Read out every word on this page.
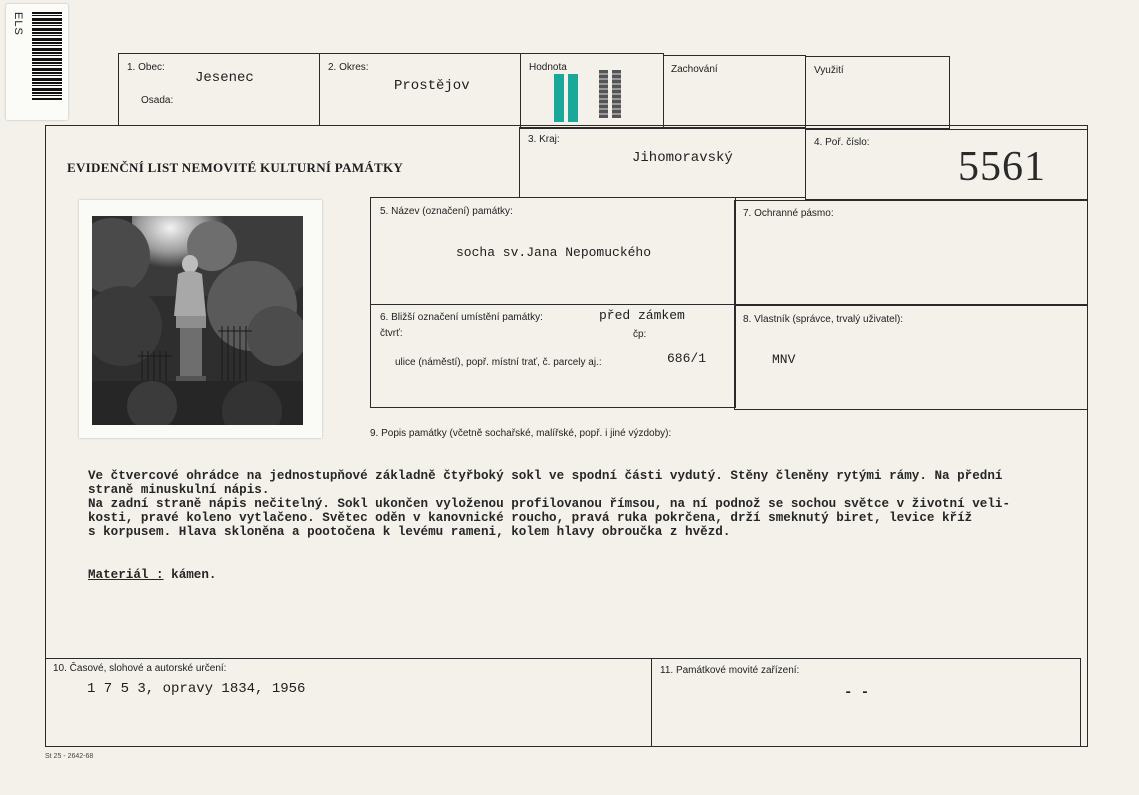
ELS
1. Obec:
Jesenec
Osada:
2. Okres:
Prostějov
Hodnota	Zachování	Využití
EVIDENČNÍ LIST NEMOVITÉ KULTURNÍ PAMÁTKY
3. Kraj:
Jihomoravský
4. Poř. číslo:
5561
5. Název (označení) památky:
socha sv.Jana Nepomuckého
7. Ochranné pásmo:
6. Bližší označení umístění památky:	před zámkem
čtvrť:	čp:
ulice (náměstí), popř. místní trať, č. parcely aj.:	686/1
8. Vlastník (správce, trvalý uživatel):
MNV
9. Popis památky (včetně sochařské, malířské, popř. i jiné výzdoby):
Ve čtvercové ohrádce na jednostupňové základně čtyřboký sokl ve spodní části vydutý. Stěny členěny rytými rámy. Na přední
straně minuskulní nápis.
Na zadní straně nápis nečitelný. Sokl ukončen vyloženou profilovanou římsou, na ní podnož se sochou světce v životní veli-
kosti, pravé koleno vytlačeno. Světec oděn v kanovnické roucho, pravá ruka pokrčena, drží smeknutý biret, levice kříž
s korpusem. Hlava skloněna a pootočena k levému rameni, kolem hlavy obroučka z hvězd.
Materiál : kámen.
10. Časové, slohové a autorské určení:
1 7 5 3, opravy 1834, 1956
11. Památkové movité zařízení:
- -
St 25 - 2642-68
